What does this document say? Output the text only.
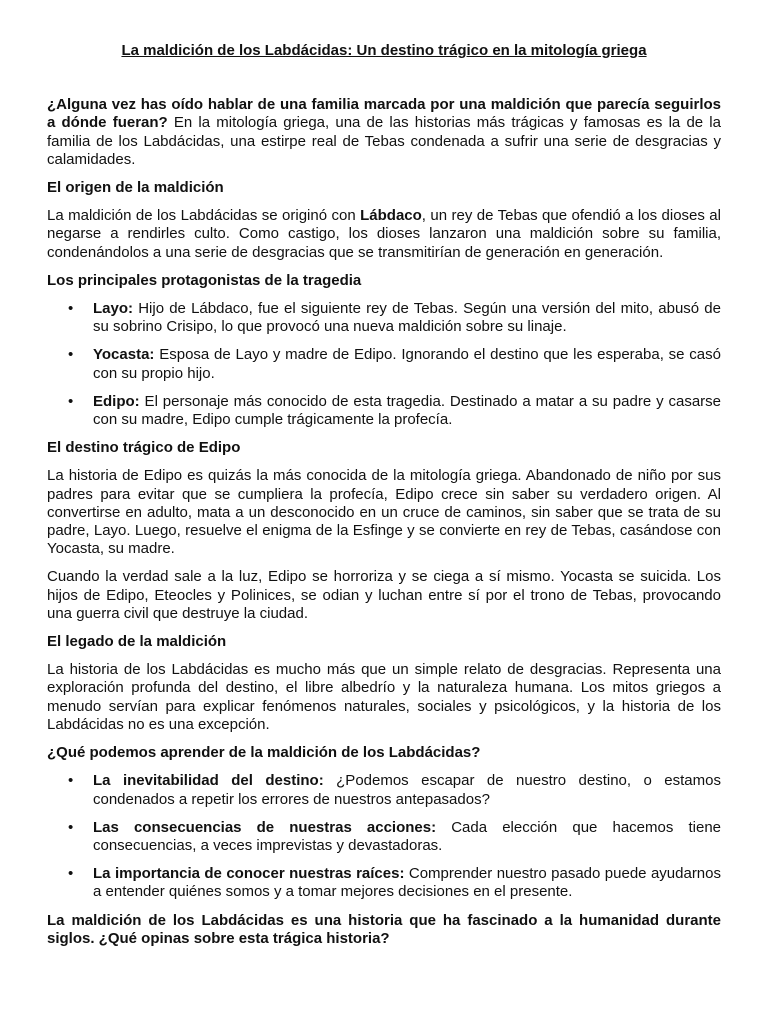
La maldición de los Labdácidas: Un destino trágico en la mitología griega

¿Alguna vez has oído hablar de una familia marcada por una maldición que parecía seguirlos a dónde fueran? En la mitología griega, una de las historias más trágicas y famosas es la de la familia de los Labdácidas, una estirpe real de Tebas condenada a sufrir una serie de desgracias y calamidades.

El origen de la maldición

La maldición de los Labdácidas se originó con Lábdaco, un rey de Tebas que ofendió a los dioses al negarse a rendirles culto. Como castigo, los dioses lanzaron una maldición sobre su familia, condenándolos a una serie de desgracias que se transmitirían de generación en generación.

Los principales protagonistas de la tragedia
• Layo: Hijo de Lábdaco, fue el siguiente rey de Tebas. Según una versión del mito, abusó de su sobrino Crisipo, lo que provocó una nueva maldición sobre su linaje.
• Yocasta: Esposa de Layo y madre de Edipo. Ignorando el destino que les esperaba, se casó con su propio hijo.
• Edipo: El personaje más conocido de esta tragedia. Destinado a matar a su padre y casarse con su madre, Edipo cumple trágicamente la profecía.
El destino trágico de Edipo

La historia de Edipo es quizás la más conocida de la mitología griega. Abandonado de niño por sus padres para evitar que se cumpliera la profecía, Edipo crece sin saber su verdadero origen. Al convertirse en adulto, mata a un desconocido en un cruce de caminos, sin saber que se trata de su padre, Layo. Luego, resuelve el enigma de la Esfinge y se convierte en rey de Tebas, casándose con Yocasta, su madre.

Cuando la verdad sale a la luz, Edipo se horroriza y se ciega a sí mismo. Yocasta se suicida. Los hijos de Edipo, Eteocles y Polinices, se odian y luchan entre sí por el trono de Tebas, provocando una guerra civil que destruye la ciudad.

El legado de la maldición

La historia de los Labdácidas es mucho más que un simple relato de desgracias. Representa una exploración profunda del destino, el libre albedrío y la naturaleza humana. Los mitos griegos a menudo servían para explicar fenómenos naturales, sociales y psicológicos, y la historia de los Labdácidas no es una excepción.

¿Qué podemos aprender de la maldición de los Labdácidas?
• La inevitabilidad del destino: ¿Podemos escapar de nuestro destino, o estamos condenados a repetir los errores de nuestros antepasados?
• Las consecuencias de nuestras acciones: Cada elección que hacemos tiene consecuencias, a veces imprevistas y devastadoras.
• La importancia de conocer nuestras raíces: Comprender nuestro pasado puede ayudarnos a entender quiénes somos y a tomar mejores decisiones en el presente.

La maldición de los Labdácidas es una historia que ha fascinado a la humanidad durante siglos. ¿Qué opinas sobre esta trágica historia?
